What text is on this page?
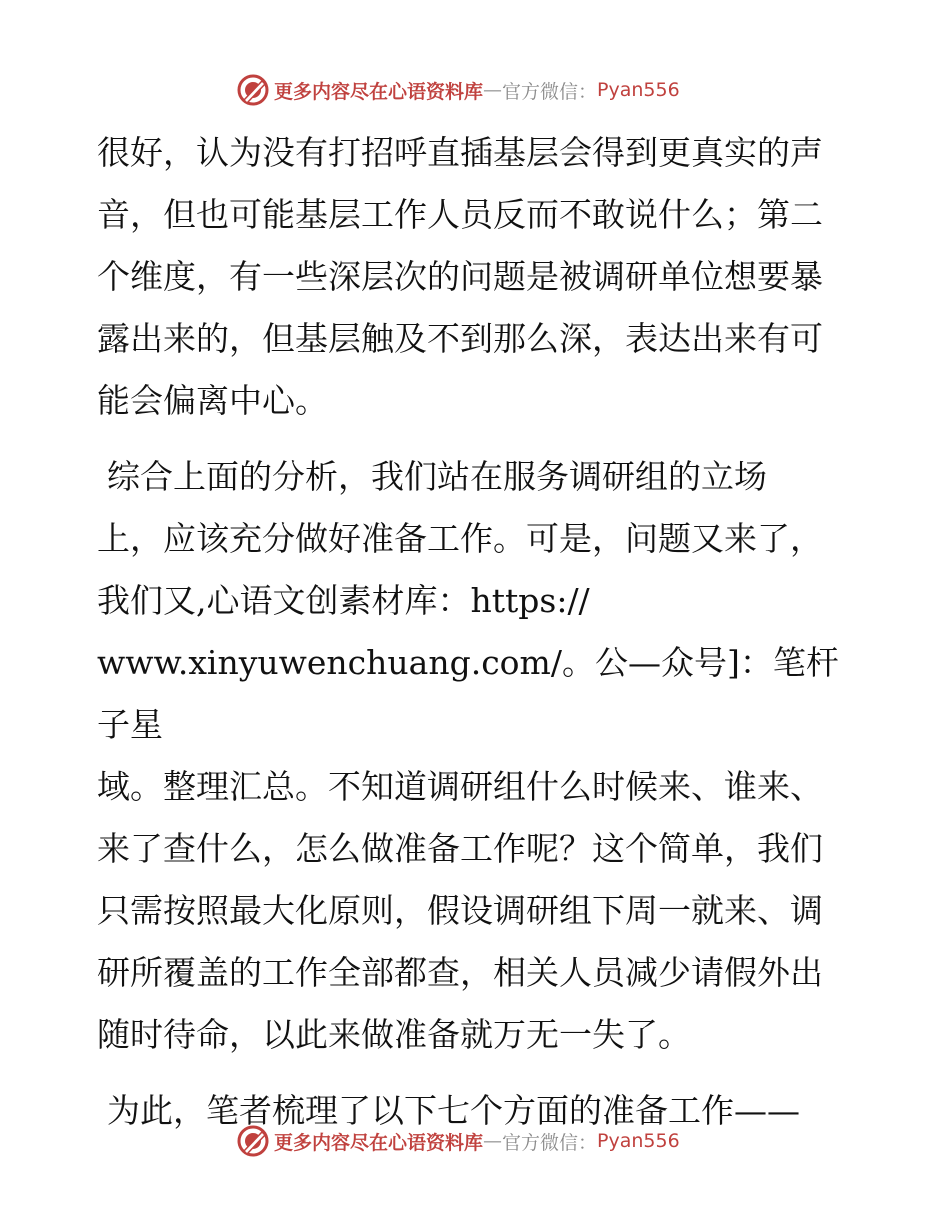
更多内容尽在心语资料库 — 官方微信： Pyan556

很好，认为没有打招呼直插基层会得到更真实的声
音，但也可能基层工作人员反而不敢说什么；第二
个维度，有一些深层次的问题是被调研单位想要暴
露出来的，但基层触及不到那么深，表达出来有可
能会偏离中心。

综合上面的分析，我们站在服务调研组的立场
上，应该充分做好准备工作。可是，问题又来了，
我们又,心语文创素材库：https://
www.xinyuwenchuang.com/。公—众号]：笔杆子星
域。整理汇总。不知道调研组什么时候来、谁来、
来了查什么，怎么做准备工作呢？这个简单，我们
只需按照最大化原则，假设调研组下周一就来、调
研所覆盖的工作全部都查，相关人员减少请假外出
随时待命，以此来做准备就万无一失了。

为此，笔者梳理了以下七个方面的准备工作——

更多内容尽在心语资料库 — 官方微信： Pyan556
